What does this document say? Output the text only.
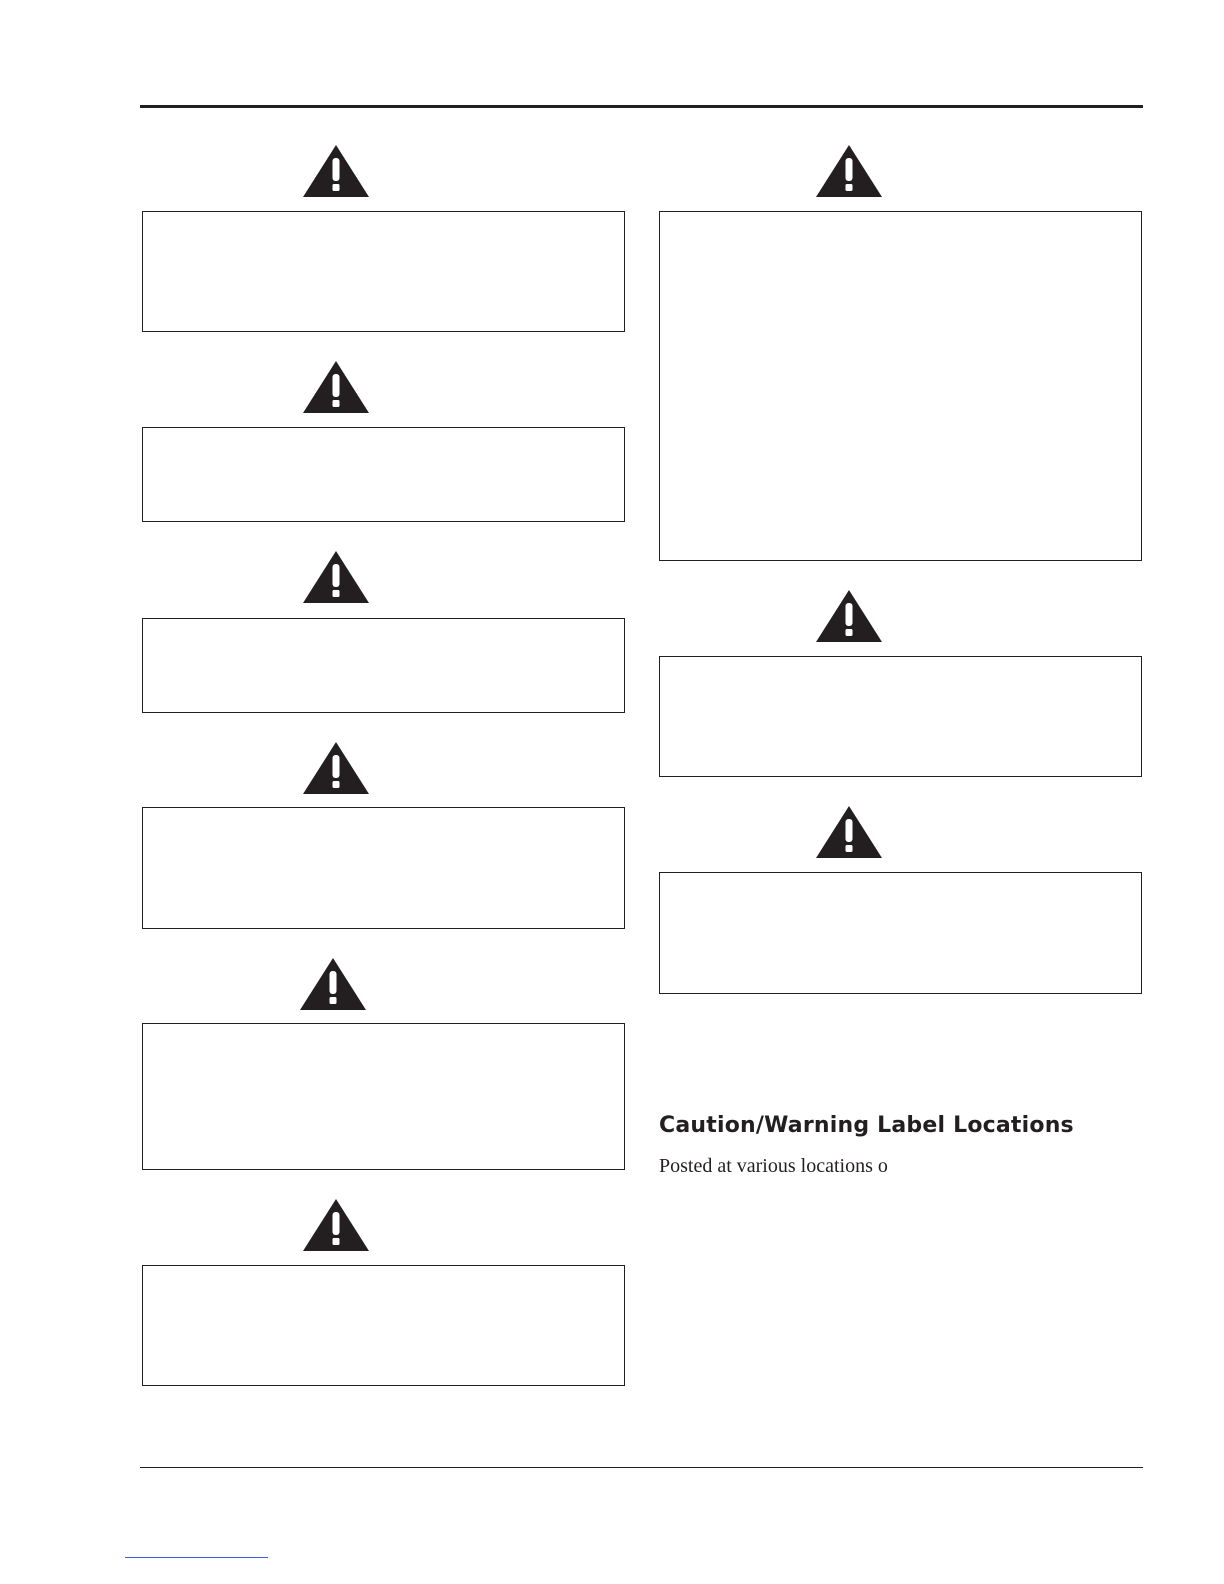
Caution/Warning Label Locations

Posted at various locations o
